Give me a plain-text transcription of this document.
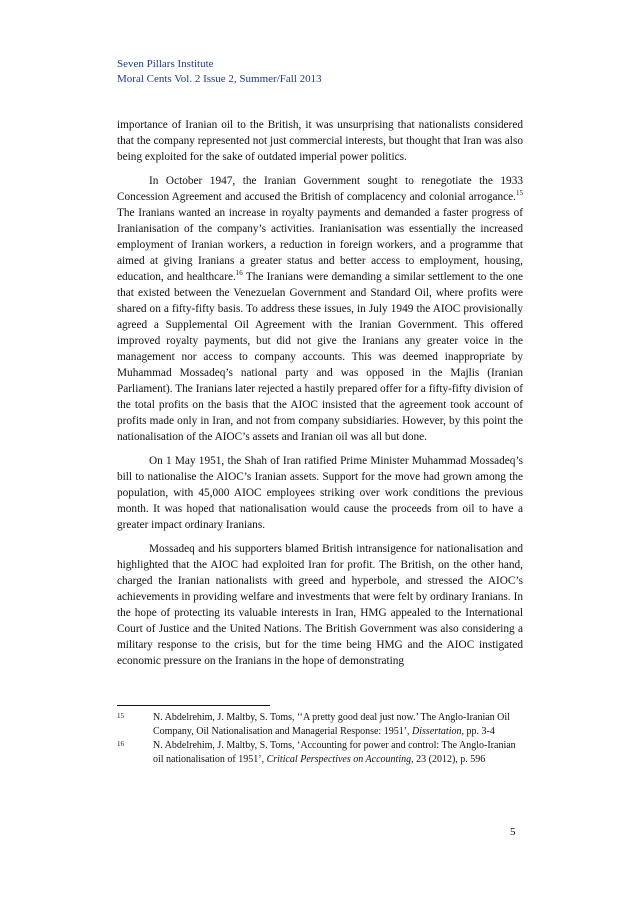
Seven Pillars Institute
Moral Cents Vol. 2 Issue 2, Summer/Fall 2013

importance of Iranian oil to the British, it was unsurprising that nationalists considered that the company represented not just commercial interests, but thought that Iran was also being exploited for the sake of outdated imperial power politics.

In October 1947, the Iranian Government sought to renegotiate the 1933 Concession Agreement and accused the British of complacency and colonial arrogance.$^{15}$ The Iranians wanted an increase in royalty payments and demanded a faster progress of Iranianisation of the company’s activities. Iranianisation was essentially the increased employment of Iranian workers, a reduction in foreign workers, and a programme that aimed at giving Iranians a greater status and better access to employment, housing, education, and healthcare.$^{16}$ The Iranians were demanding a similar settlement to the one that existed between the Venezuelan Government and Standard Oil, where profits were shared on a fifty-fifty basis. To address these issues, in July 1949 the AIOC provisionally agreed a Supplemental Oil Agreement with the Iranian Government. This offered improved royalty payments, but did not give the Iranians any greater voice in the management nor access to company accounts. This was deemed inappropriate by Muhammad Mossadeq’s national party and was opposed in the Majlis (Iranian Parliament). The Iranians later rejected a hastily prepared offer for a fifty-fifty division of the total profits on the basis that the AIOC insisted that the agreement took account of profits made only in Iran, and not from company subsidiaries. However, by this point the nationalisation of the AIOC’s assets and Iranian oil was all but done.

On 1 May 1951, the Shah of Iran ratified Prime Minister Muhammad Mossadeq’s bill to nationalise the AIOC’s Iranian assets. Support for the move had grown among the population, with 45,000 AIOC employees striking over work conditions the previous month. It was hoped that nationalisation would cause the proceeds from oil to have a greater impact ordinary Iranians.

Mossadeq and his supporters blamed British intransigence for nationalisation and highlighted that the AIOC had exploited Iran for profit. The British, on the other hand, charged the Iranian nationalists with greed and hyperbole, and stressed the AIOC’s achievements in providing welfare and investments that were felt by ordinary Iranians. In the hope of protecting its valuable interests in Iran, HMG appealed to the International Court of Justice and the United Nations. The British Government was also considering a military response to the crisis, but for the time being HMG and the AIOC instigated economic pressure on the Iranians in the hope of demonstrating

15	N. Abdelrehim, J. Maltby, S. Toms, ‘‘A pretty good deal just now.’ The Anglo-Iranian Oil Company, Oil Nationalisation and Managerial Response: 1951’, Dissertation, pp. 3-4
16	N. Abdelrehim, J. Maltby, S. Toms, ‘Accounting for power and control: The Anglo-Iranian oil nationalisation of 1951’, Critical Perspectives on Accounting, 23 (2012), p. 596
5
